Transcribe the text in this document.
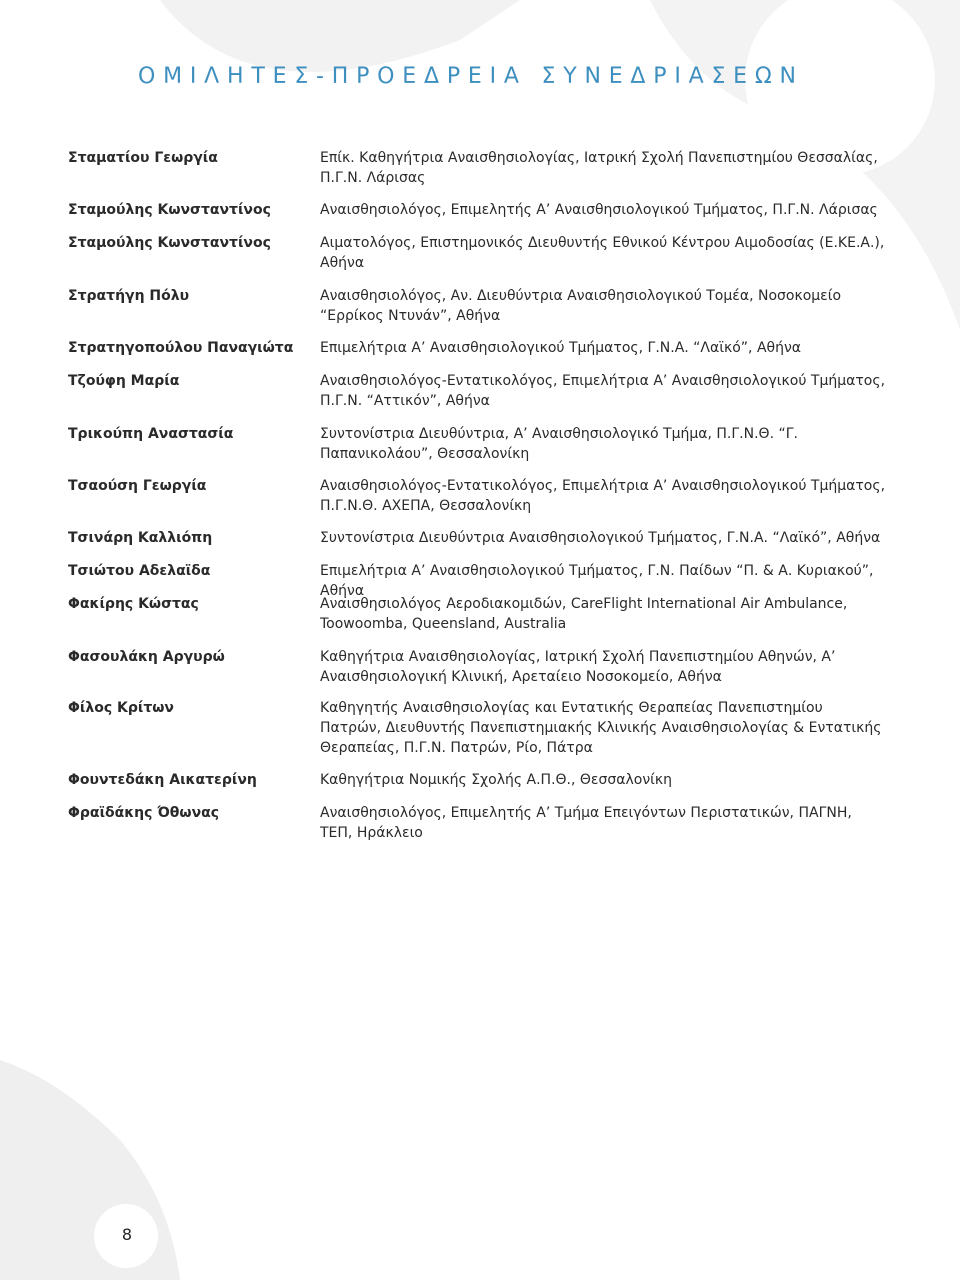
ΟΜΙΛΗΤΕΣ-ΠΡΟΕΔΡΕΙΑ ΣΥΝΕΔΡΙΑΣΕΩΝ
Σταματίου Γεωργία	Επίκ. Καθηγήτρια Αναισθησιολογίας, Ιατρική Σχολή Πανεπιστημίου Θεσσαλίας, Π.Γ.Ν. Λάρισας
Σταμούλης Κωνσταντίνος	Αναισθησιολόγος, Επιμελητής Α’ Αναισθησιολογικού Τμήματος, Π.Γ.Ν. Λάρισας
Σταμούλης Κωνσταντίνος	Αιματολόγος, Επιστημονικός Διευθυντής Εθνικού Κέντρου Αιμοδοσίας (Ε.ΚΕ.Α.), Αθήνα
Στρατήγη Πόλυ	Αναισθησιολόγος, Αν. Διευθύντρια Αναισθησιολογικού Τομέα, Νοσοκομείο “Ερρίκος Ντυνάν”, Αθήνα
Στρατηγοπούλου Παναγιώτα	Επιμελήτρια Α’ Αναισθησιολογικού Τμήματος, Γ.Ν.Α. “Λαϊκό”, Αθήνα
Τζούφη Μαρία	Αναισθησιολόγος-Εντατικολόγος, Επιμελήτρια Α’ Αναισθησιολογικού Τμήματος, Π.Γ.Ν. “Αττικόν”, Αθήνα
Τρικούπη Αναστασία	Συντονίστρια Διευθύντρια, Α’ Αναισθησιολογικό Τμήμα, Π.Γ.Ν.Θ. “Γ. Παπανικολάου”, Θεσσαλονίκη
Τσαούση Γεωργία	Αναισθησιολόγος-Εντατικολόγος, Επιμελήτρια Α’ Αναισθησιολογικού Τμήματος, Π.Γ.Ν.Θ. ΑΧΕΠΑ, Θεσσαλονίκη
Τσινάρη Καλλιόπη	Συντονίστρια Διευθύντρια Αναισθησιολογικού Τμήματος, Γ.Ν.Α. “Λαϊκό”, Αθήνα
Τσιώτου Αδελαϊδα	Επιμελήτρια Α’ Αναισθησιολογικού Τμήματος, Γ.Ν. Παίδων “Π. & Α. Κυριακού”, Αθήνα
Φακίρης Κώστας	Αναισθησιολόγος Αεροδιακομιδών, CareFlight International Air Ambulance, Toowoomba, Queensland, Australia
Φασουλάκη Αργυρώ	Καθηγήτρια Αναισθησιολογίας, Ιατρική Σχολή Πανεπιστημίου Αθηνών, Α’ Αναισθησιολογική Κλινική, Αρεταίειο Νοσοκομείο, Αθήνα
Φίλος Κρίτων	Καθηγητής Αναισθησιολογίας και Εντατικής Θεραπείας Πανεπιστημίου Πατρών, Διευθυντής Πανεπιστημιακής Κλινικής Αναισθησιολογίας & Εντατικής Θεραπείας, Π.Γ.Ν. Πατρών, Ρίο, Πάτρα
Φουντεδάκη Αικατερίνη	Καθηγήτρια Νομικής Σχολής Α.Π.Θ., Θεσσαλονίκη
Φραϊδάκης Όθωνας	Αναισθησιολόγος, Επιμελητής Α’ Τμήμα Επειγόντων Περιστατικών, ΠΑΓΝΗ, ΤΕΠ, Ηράκλειο
8
